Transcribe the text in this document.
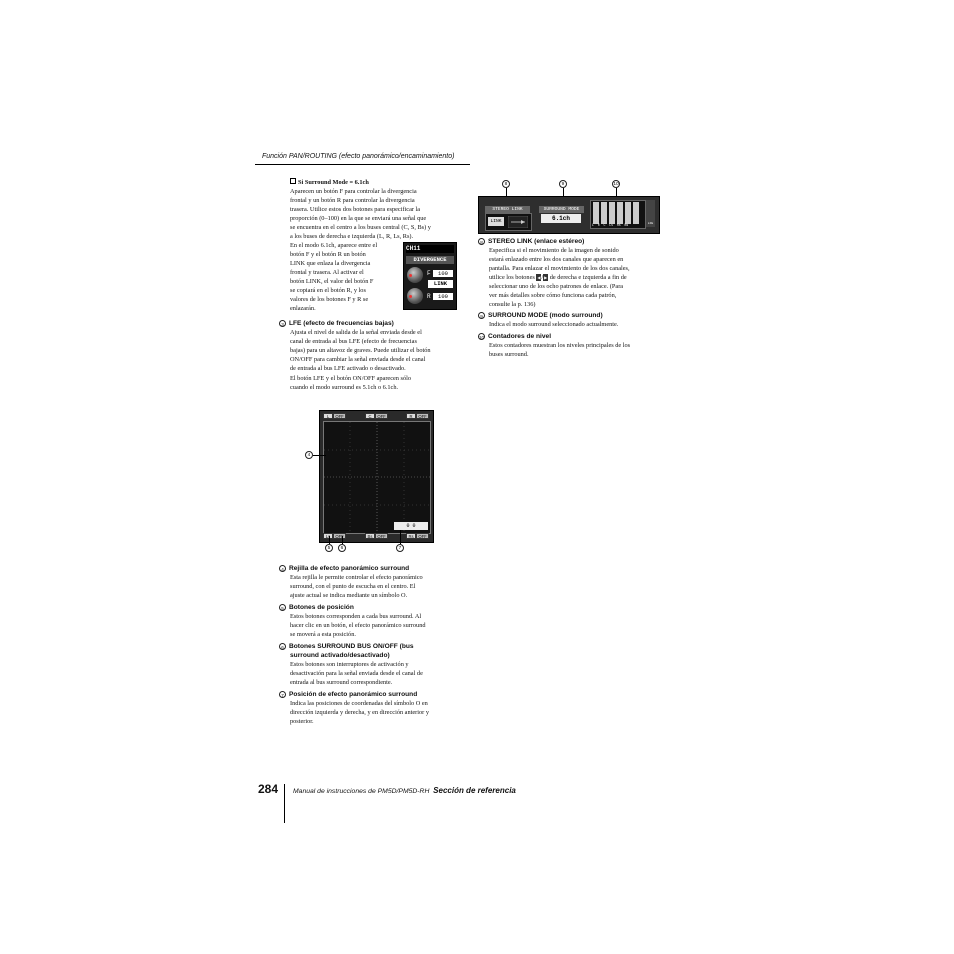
Función PAN/ROUTING (efecto panorámico/encaminamiento)
Si Surround Mode = 6.1ch
Aparecen un botón F para controlar la divergencia
frontal y un botón R para controlar la divergencia
trasera. Utilice estos dos botones para especificar la
proporción (0–100) en la que se enviará una señal que
se encuentra en el centro a los buses central (C, S, Bs) y
a los buses de derecha e izquierda (L, R, Ls, Rs).
En el modo 6.1ch, aparece entre el
botón F y el botón R un botón
LINK que enlaza la divergencia
frontal y trasera. Al activar el
botón LINK, el valor del botón F
se copiará en el botón R, y los
valores de los botones F y R se
enlazarán.
CH11
DIVERGENCE
F	100
LINK
R	100
3 LFE (efecto de frecuencias bajas)
Ajusta el nivel de salida de la señal enviada desde el
canal de entrada al bus LFE (efecto de frecuencias
bajas) para un altavoz de graves. Puede utilizar el botón
ON/OFF para cambiar la señal enviada desde el canal
de entrada al bus LFE activado o desactivado.
El botón LFE y el botón ON/OFF aparecen sólo
cuando el modo surround es 5.1ch o 6.1ch.
L	OFF	C	OFF	R	OFF
0 0
Ls	OFF	Bs	OFF	Rs	OFF
4
5	6	7
4 Rejilla de efecto panorámico surround
Esta rejilla le permite controlar el efecto panorámico
surround, con el punto de escucha en el centro. El
ajuste actual se indica mediante un símbolo O.
5 Botones de posición
Estos botones corresponden a cada bus surround. Al
hacer clic en un botón, el efecto panorámico surround
se moverá a esta posición.
6 Botones SURROUND BUS ON/OFF (bus
surround activado/desactivado)
Estos botones son interruptores de activación y
desactivación para la señal enviada desde el canal de
entrada al bus surround correspondiente.
7 Posición de efecto panorámico surround
Indica las posiciones de coordenadas del símbolo O en
dirección izquierda y derecha, y en dirección anterior y
posterior.
8	9	10
STEREO LINK
LINK
SURROUND MODE
6.1ch
L  R  C  Ls  Rs  Bs	LFE
8 STEREO LINK (enlace estéreo)
Especifica si el movimiento de la imagen de sonido
estará enlazado entre los dos canales que aparecen en
pantalla. Para enlazar el movimiento de los dos canales,
utilice los botones ◀ ▶ de derecha e izquierda a fin de
seleccionar uno de los ocho patrones de enlace. (Para
ver más detalles sobre cómo funciona cada patrón,
consulte la p. 136)
9 SURROUND MODE (modo surround)
Indica el modo surround seleccionado actualmente.
10 Contadores de nivel
Estos contadores muestran los niveles principales de los
buses surround.
284 Manual de instrucciones de PM5D/PM5D-RH Sección de referencia
